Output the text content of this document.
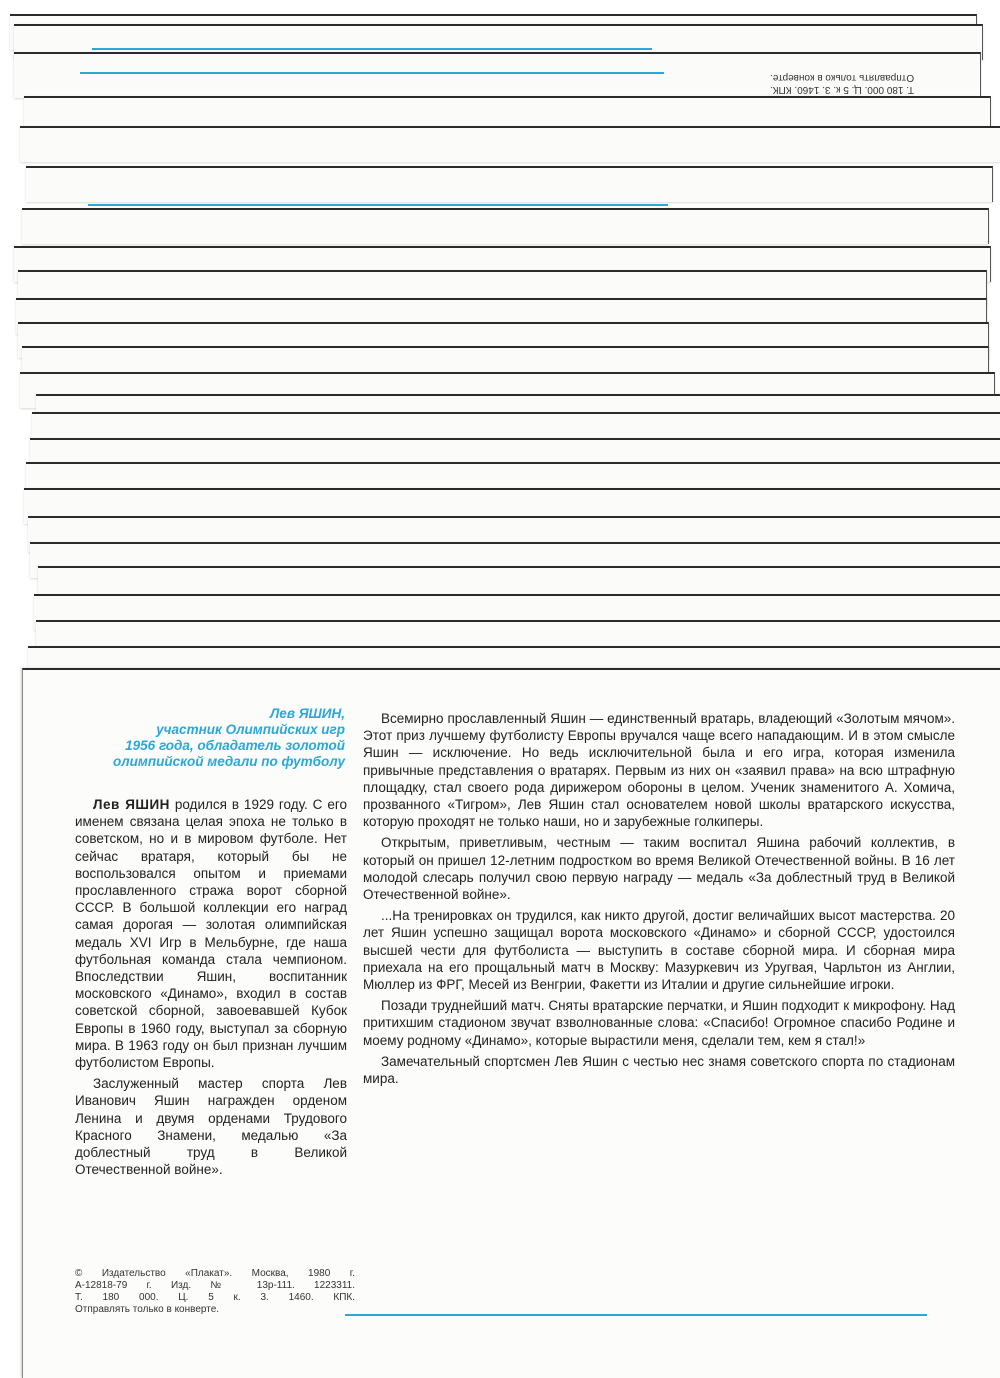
Отправлять только в конверте.
Т. 180 000. Ц. 5 к. 3. 1460. КПК.
Лев ЯШИН,
участник Олимпийских игр
1956 года, обладатель золотой
олимпийской медали по футболу

Лев ЯШИН родился в 1929 году. С его именем связана целая эпоха не только в советском, но и в мировом футболе. Нет сейчас вратаря, который бы не воспользовался опытом и приемами прославленного стража ворот сборной СССР. В большой коллекции его наград самая дорогая — золотая олимпийская медаль XVI Игр в Мельбурне, где наша футбольная команда стала чемпионом. Впоследствии Яшин, воспитанник московского «Динамо», входил в состав советской сборной, завоевавшей Кубок Европы в 1960 году, выступал за сборную мира. В 1963 году он был признан лучшим футболистом Европы.

Заслуженный мастер спорта Лев Иванович Яшин награжден орденом Ленина и двумя орденами Трудового Красного Знамени, медалью «За доблестный труд в Великой Отечественной войне».

Всемирно прославленный Яшин — единственный вратарь, владеющий «Золотым мячом». Этот приз лучшему футболисту Европы вручался чаще всего нападающим. И в этом смысле Яшин — исключение. Но ведь исключительной была и его игра, которая изменила привычные представления о вратарях. Первым из них он «заявил права» на всю штрафную площадку, стал своего рода дирижером обороны в целом. Ученик знаменитого А. Хомича, прозванного «Тигром», Лев Яшин стал основателем новой школы вратарского искусства, которую проходят не только наши, но и зарубежные голкиперы.

Открытым, приветливым, честным — таким воспитал Яшина рабочий коллектив, в который он пришел 12-летним подростком во время Великой Отечественной войны. В 16 лет молодой слесарь получил свою первую награду — медаль «За доблестный труд в Великой Отечественной войне».

...На тренировках он трудился, как никто другой, достиг величайших высот мастерства. 20 лет Яшин успешно защищал ворота московского «Динамо» и сборной СССР, удостоился высшей чести для футболиста — выступить в составе сборной мира. И сборная мира приехала на его прощальный матч в Москву: Мазуркевич из Уругвая, Чарльтон из Англии, Мюллер из ФРГ, Месей из Венгрии, Факетти из Италии и другие сильнейшие игроки.

Позади труднейший матч. Сняты вратарские перчатки, и Яшин подходит к микрофону. Над притихшим стадионом звучат взволнованные слова: «Спасибо! Огромное спасибо Родине и моему родному «Динамо», которые вырастили меня, сделали тем, кем я стал!»

Замечательный спортсмен Лев Яшин с честью нес знамя советского спорта по стадионам мира.

© Издательство «Плакат». Москва, 1980 г.
А-12818-79 г. Изд. № 13р-111. 1223311.
Т. 180 000. Ц. 5 к. 3. 1460. КПК.
Отправлять только в конверте.
